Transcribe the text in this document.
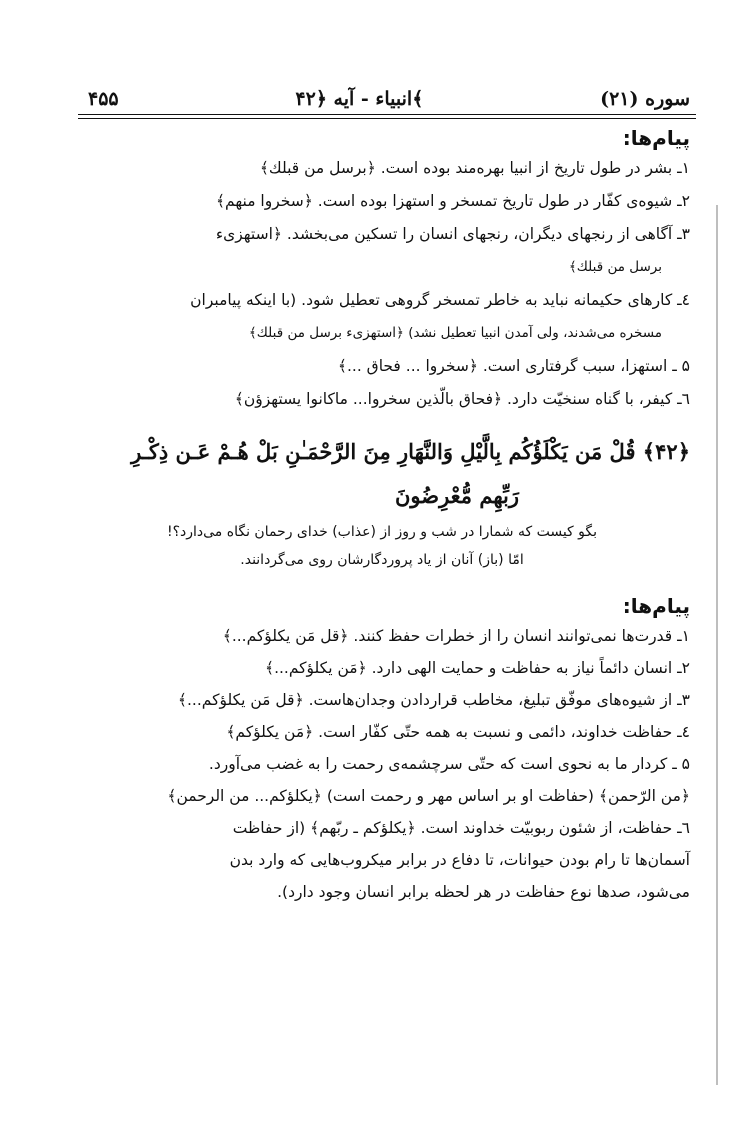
۴۵۵	انبیاء - آیه ﴿۴۲﴾	سوره (۲۱)
پیام‌ها:
۱ـ بشر در طول تاریخ از انبیا بهره‌مند بوده است. ﴿برسل من قبلك﴾
۲ـ شیوه‌ی کفّار در طول تاریخ تمسخر و استهزا بوده است. ﴿سخروا منهم﴾
۳ـ آگاهی از رنجهای دیگران، رنجهای انسان را تسکین می‌بخشد. ﴿استهزیء
برسل من قبلك﴾
٤ـ کارهای حکیمانه نباید به خاطر تمسخر گروهی تعطیل شود. (با اینکه پیامبران
مسخره می‌شدند، ولی آمدن انبیا تعطیل نشد) ﴿استهزیء برسل من قبلك﴾
۵ ـ استهزا، سبب گرفتاری است. ﴿سخروا ... فحاق ...﴾
٦ـ کیفر، با گناه سنخیّت دارد. ﴿فحاق بالّذین سخروا... ماکانوا یستهزؤن﴾
﴿۴۲﴾ قُلْ مَن يَكْلَؤُكُم بِالَّيْلِ وَالنَّهَارِ مِنَ الرَّحْمَـٰنِ بَلْ هُـمْ عَـن ذِكْـرِ
رَبِّهِم مُّعْرِضُونَ
بگو کیست که شمارا در شب و روز از (عذاب) خدای رحمان نگاه می‌دارد؟!
امّا (باز) آنان از یاد پروردگارشان روی می‌گردانند.
پیام‌ها:
۱ـ قدرت‌ها نمی‌توانند انسان را از خطرات حفظ کنند. ﴿قل مَن یکلؤکم...﴾
۲ـ انسان دائماً نیاز به حفاظت و حمایت الهی دارد. ﴿مَن یکلؤکم...﴾
۳ـ از شیوه‌های موفّق تبلیغ، مخاطب قراردادن وجدان‌هاست. ﴿قل مَن یکلؤکم...﴾
٤ـ حفاظت خداوند، دائمی و نسبت به همه حتّی کفّار است. ﴿مَن یکلؤکم﴾
۵ ـ کردار ما به نحوی است که حتّی سرچشمه‌ی رحمت را به غضب می‌آورد.
﴿من الرّحمن﴾ (حفاظت او بر اساس مهر و رحمت است) ﴿یکلؤکم... من الرحمن﴾
٦ـ حفاظت، از شئون ربوبیّت خداوند است. ﴿یکلؤکم ـ ربّهم﴾ (از حفاظت
آسمان‌ها تا رام بودن حیوانات، تا دفاع در برابر میکروب‌هایی که وارد بدن
می‌شود، صدها نوع حفاظت در هر لحظه برابر انسان وجود دارد).
